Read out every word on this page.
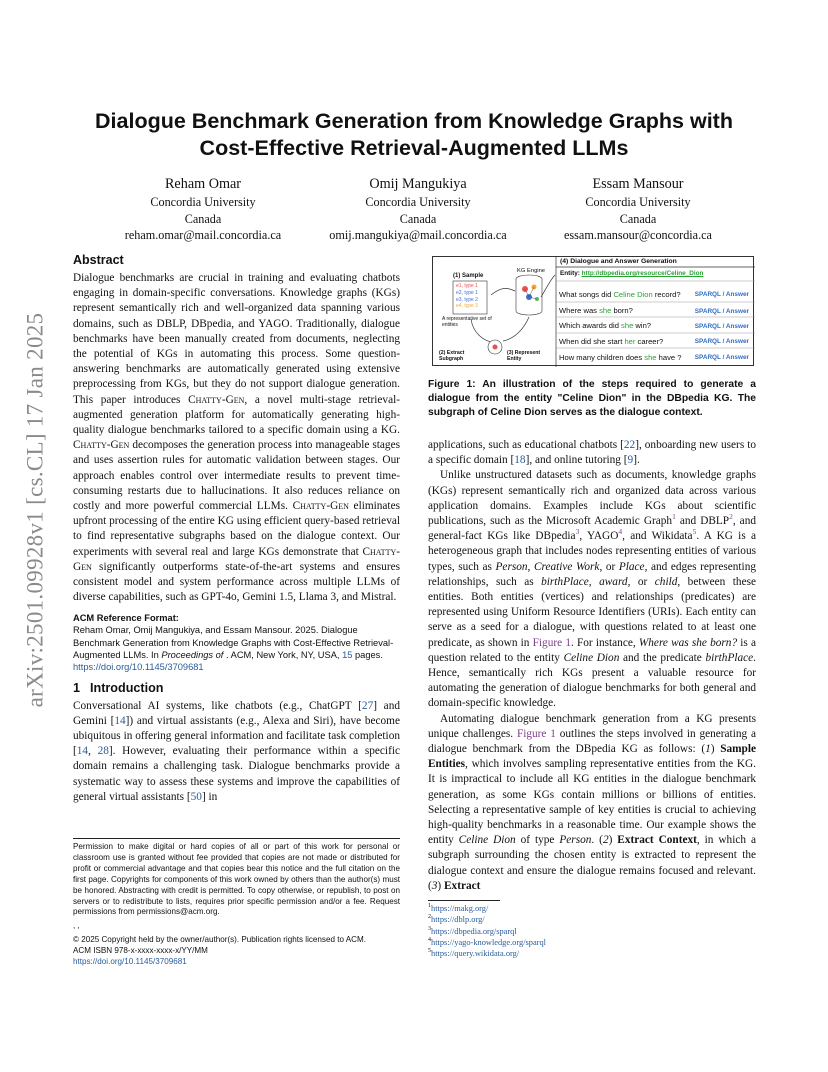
arXiv:2501.09928v1 [cs.CL] 17 Jan 2025
Dialogue Benchmark Generation from Knowledge Graphs with
Cost-Effective Retrieval-Augmented LLMs
Reham Omar
Concordia University
Canada
reham.omar@mail.concordia.ca
Omij Mangukiya
Concordia University
Canada
omij.mangukiya@mail.concordia.ca
Essam Mansour
Concordia University
Canada
essam.mansour@concordia.ca
Abstract

Dialogue benchmarks are crucial in training and evaluating chatbots engaging in domain-specific conversations. Knowledge graphs (KGs) represent semantically rich and well-organized data spanning various domains, such as DBLP, DBpedia, and YAGO. Traditionally, dialogue benchmarks have been manually created from documents, neglecting the potential of KGs in automating this process. Some question-answering benchmarks are automatically generated using extensive preprocessing from KGs, but they do not support dialogue generation. This paper introduces Chatty-Gen, a novel multi-stage retrieval-augmented generation platform for automatically generating high-quality dialogue benchmarks tailored to a specific domain using a KG. Chatty-Gen decomposes the generation process into manageable stages and uses assertion rules for automatic validation between stages. Our approach enables control over intermediate results to prevent time-consuming restarts due to hallucinations. It also reduces reliance on costly and more powerful commercial LLMs. Chatty-Gen eliminates upfront processing of the entire KG using efficient query-based retrieval to find representative subgraphs based on the dialogue context. Our experiments with several real and large KGs demonstrate that Chatty-Gen significantly outperforms state-of-the-art systems and ensures consistent model and system performance across multiple LLMs of diverse capabilities, such as GPT-4o, Gemini 1.5, Llama 3, and Mistral.

ACM Reference Format:

Reham Omar, Omij Mangukiya, and Essam Mansour. 2025. Dialogue Benchmark Generation from Knowledge Graphs with Cost-Effective Retrieval-Augmented LLMs. In Proceedings of . ACM, New York, NY, USA, 15 pages.
https://doi.org/10.1145/3709681

1 Introduction

Conversational AI systems, like chatbots (e.g., ChatGPT [27] and Gemini [14]) and virtual assistants (e.g., Alexa and Siri), have become ubiquitous in offering general information and facilitate task completion [14, 28]. However, evaluating their performance within a specific domain remains a challenging task. Dialogue benchmarks provide a systematic way to assess these systems and improve the capabilities of general virtual assistants [50] in

Permission to make digital or hard copies of all or part of this work for personal or classroom use is granted without fee provided that copies are not made or distributed for profit or commercial advantage and that copies bear this notice and the full citation on the first page. Copyrights for components of this work owned by others than the author(s) must be honored. Abstracting with credit is permitted. To copy otherwise, or republish, to post on servers or to redistribute to lists, requires prior specific permission and/or a fee. Request permissions from permissions@acm.org.

, ,

© 2025 Copyright held by the owner/author(s). Publication rights licensed to ACM.
ACM ISBN 978-x-xxxx-xxxx-x/YY/MM
https://doi.org/10.1145/3709681
(4) Dialogue and Answer Generation
Entity: http://dbpedia.org/resource/Celine_Dion
(1) Sample
KG Engine
e1, type 1
e2, type 1
e3, type 2
e4, type 3
A representative set of entities
(2) Extract Subgraph
(3) Represent Entity
What songs did Celine Dion record? SPARQL / Answer
Where was she born?	SPARQL / Answer
Which awards did she win?	SPARQL / Answer
When did she start her career?	SPARQL / Answer
How many children does she have ? SPARQL / Answer
Figure 1: An illustration of the steps required to generate a dialogue from the entity "Celine Dion" in the DBpedia KG. The subgraph of Celine Dion serves as the dialogue context.

applications, such as educational chatbots [22], onboarding new users to a specific domain [18], and online tutoring [9].

Unlike unstructured datasets such as documents, knowledge graphs (KGs) represent semantically rich and organized data across various application domains. Examples include KGs about scientific publications, such as the Microsoft Academic Graph$^1$ and DBLP$^2$, and general-fact KGs like DBpedia$^3$, YAGO$^4$, and Wikidata$^5$. A KG is a heterogeneous graph that includes nodes representing entities of various types, such as Person, Creative Work, or Place, and edges representing relationships, such as birthPlace, award, or child, between these entities. Both entities (vertices) and relationships (predicates) are represented using Uniform Resource Identifiers (URIs). Each entity can serve as a seed for a dialogue, with questions related to at least one predicate, as shown in Figure 1. For instance, Where was she born? is a question related to the entity Celine Dion and the predicate birthPlace. Hence, semantically rich KGs present a valuable resource for automating the generation of dialogue benchmarks for both general and domain-specific knowledge.

Automating dialogue benchmark generation from a KG presents unique challenges. Figure 1 outlines the steps involved in generating a dialogue benchmark from the DBpedia KG as follows: (1) Sample Entities, which involves sampling representative entities from the KG. It is impractical to include all KG entities in the dialogue benchmark generation, as some KGs contain millions or billions of entities. Selecting a representative sample of key entities is crucial to achieving high-quality benchmarks in a reasonable time. Our example shows the entity Celine Dion of type Person. (2) Extract Context, in which a subgraph surrounding the chosen entity is extracted to represent the dialogue context and ensure the dialogue remains focused and relevant. (3) Extract

$^1$https://makg.org/
$^2$https://dblp.org/
$^3$https://dbpedia.org/sparql
$^4$https://yago-knowledge.org/sparql
$^5$https://query.wikidata.org/
